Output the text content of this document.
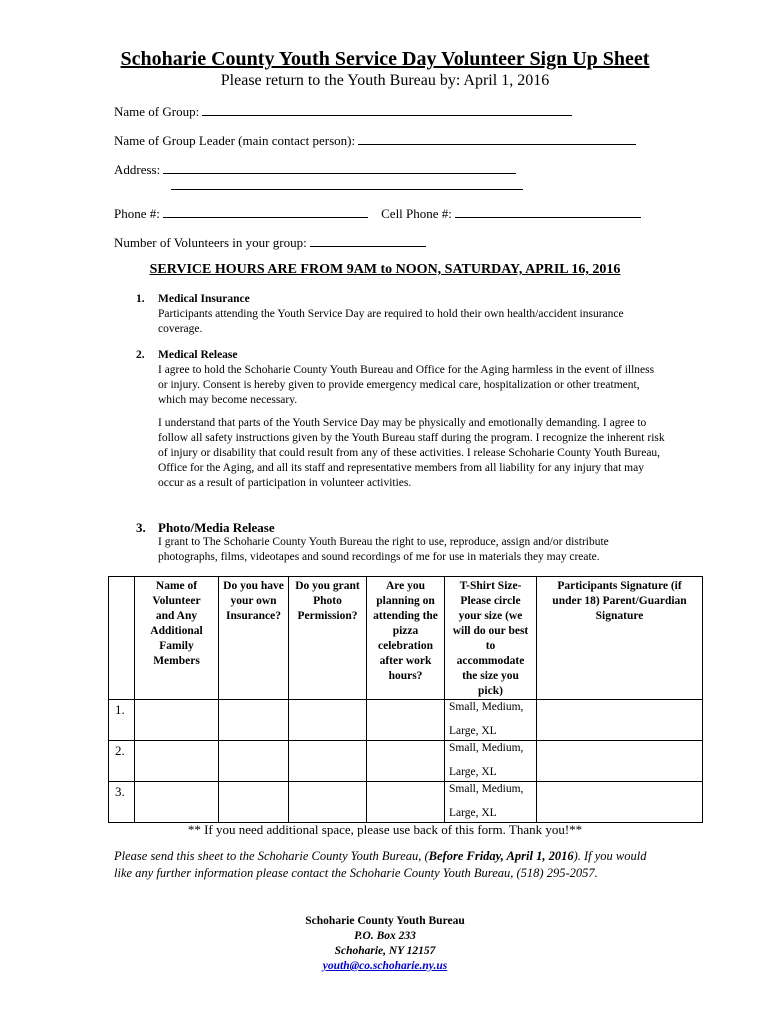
Schoharie County Youth Service Day Volunteer Sign Up Sheet
Please return to the Youth Bureau by: April 1, 2016
Name of Group:
Name of Group Leader (main contact person):
Address:
Phone #:	Cell Phone #:
Number of Volunteers in your group:
SERVICE HOURS ARE FROM 9AM to NOON, SATURDAY, APRIL 16, 2016
1. Medical Insurance
Participants attending the Youth Service Day are required to hold their own health/accident insurance coverage.
2. Medical Release
I agree to hold the Schoharie County Youth Bureau and Office for the Aging harmless in the event of illness or injury. Consent is hereby given to provide emergency medical care, hospitalization or other treatment, which may become necessary.
I understand that parts of the Youth Service Day may be physically and emotionally demanding. I agree to follow all safety instructions given by the Youth Bureau staff during the program. I recognize the inherent risk of injury or disability that could result from any of these activities. I release Schoharie County Youth Bureau, Office for the Aging, and all its staff and representative members from all liability for any injury that may occur as a result of participation in volunteer activities.
3. Photo/Media Release
I grant to The Schoharie County Youth Bureau the right to use, reproduce, assign and/or distribute photographs, films, videotapes and sound recordings of me for use in materials they may create.

	Name of Volunteer and Any Additional Family Members	Do you have your own Insurance?	Do you grant Photo Permission?	Are you planning on attending the pizza celebration after work hours?	T-Shirt Size- Please circle your size (we will do our best to accommodate the size you pick)	Participants Signature (if under 18) Parent/Guardian Signature

1.					Small, Medium,
Large, XL	

2.					Small, Medium,
Large, XL	

3.					Small, Medium,
Large, XL	

** If you need additional space, please use back of this form. Thank you!**
Please send this sheet to the Schoharie County Youth Bureau, (Before Friday, April 1, 2016). If you would like any further information please contact the Schoharie County Youth Bureau, (518) 295-2057.
Schoharie County Youth Bureau
P.O. Box 233
Schoharie, NY 12157
youth@co.schoharie.ny.us
